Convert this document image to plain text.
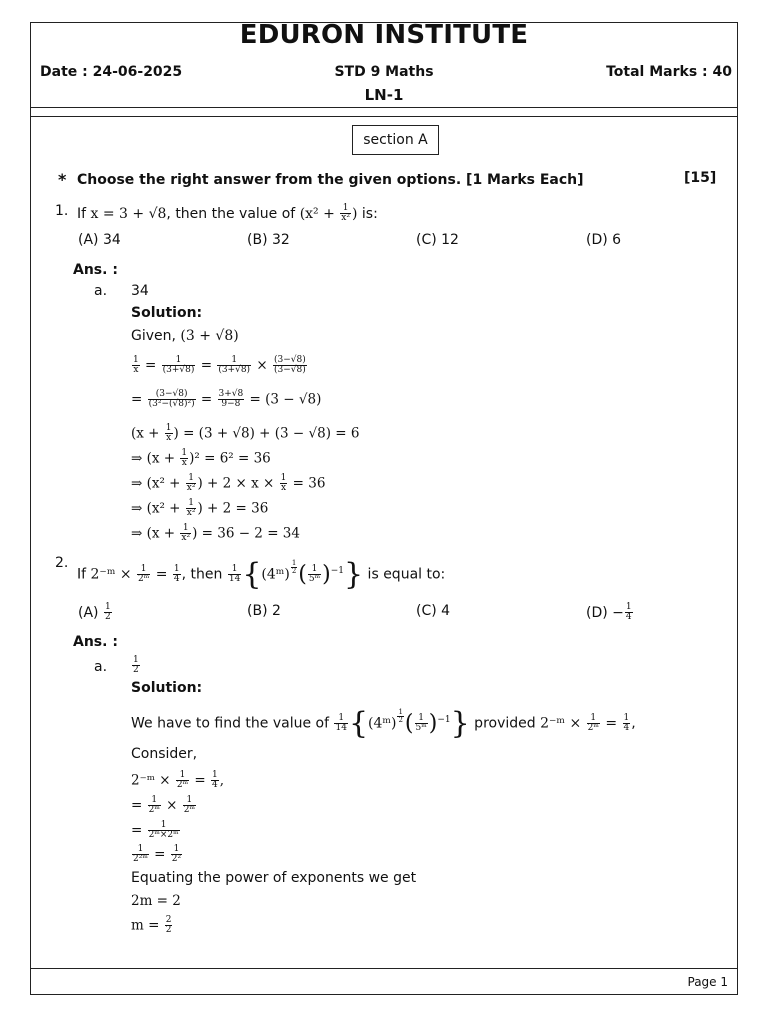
EDURON INSTITUTE
Date : 24-06-2025	STD 9 Maths	Total Marks : 40
LN-1
section A
* Choose the right answer from the given options. [1 Marks Each]	[15]
1. If x = 3 + √8, then the value of ($x^2 + \frac{1}{\text{x²}}$ ) is:
(A) 34	(B) 32	(C) 12	(D) 6
Ans. :
a. 34
Solution:
Given, (3 + √8)
$\frac{1}{x} = \frac{1}{(3+√8)} = \frac{1}{(3+√8)} \times \frac{(3-√8)}{(3-√8)}$
= $\frac{(3-√8)}{\text{(3²−(√8)²)}} = \frac{3+√8}{9-8} = (3 - √8)$
($x + \frac{1}{x}$ ) = (3 + √8) + (3 − √8) = 6
⇒ $(x + \frac{1}{x} )^2 = 6^2 = 36$
⇒ ($x^2 + \frac{1}{\text{x²}}$ ) + $2 \times x \times \frac{1}{x} = 36$
⇒ ($x^2 + \frac{1}{\text{x²}}$ ) + 2 = 36
⇒ ($x + \frac{1}{\text{x²}}$ ) = 36 − 2 = 34
2.
If 2⁻ᵐ × $\frac{1}{\text{2ᵐ}} = \frac{1}{4}$ , then $\frac{1}{14}$ {(4ᵐ) $\frac{1}{2}$ ( $\frac{1}{\text{5ᵐ}} )^{-1}$} is equal to:
$(A) \frac{1}{2}$	(B) 2	(C) 4	$(D) - \frac{1}{4}$
Ans. :
a.	$\frac{1}{2}$
Solution:
We have to find the value of $\frac{1}{14}$ {(4ᵐ) $\frac{1}{2}$ ( $\frac{1}{\text{5ᵐ}} )^{-1}$} provided 2⁻ᵐ × $\frac{1}{\text{2ᵐ}} = \frac{1}{4}$ ,
Consider,
2⁻ᵐ × $\frac{1}{\text{2ᵐ}} = \frac{1}{4}$ ,
= $\frac{1}{\text{2ᵐ}} \times \frac{1}{\text{2ᵐ}}$
= $\frac{1}{\text{2ᵐ×2ᵐ}}$
$\frac{1}{\text{2²ᵐ}} = \frac{1}{\text{2²}}$
Equating the power of exponents we get
2m = 2
$m = \frac{2}{2}$
Page 1
